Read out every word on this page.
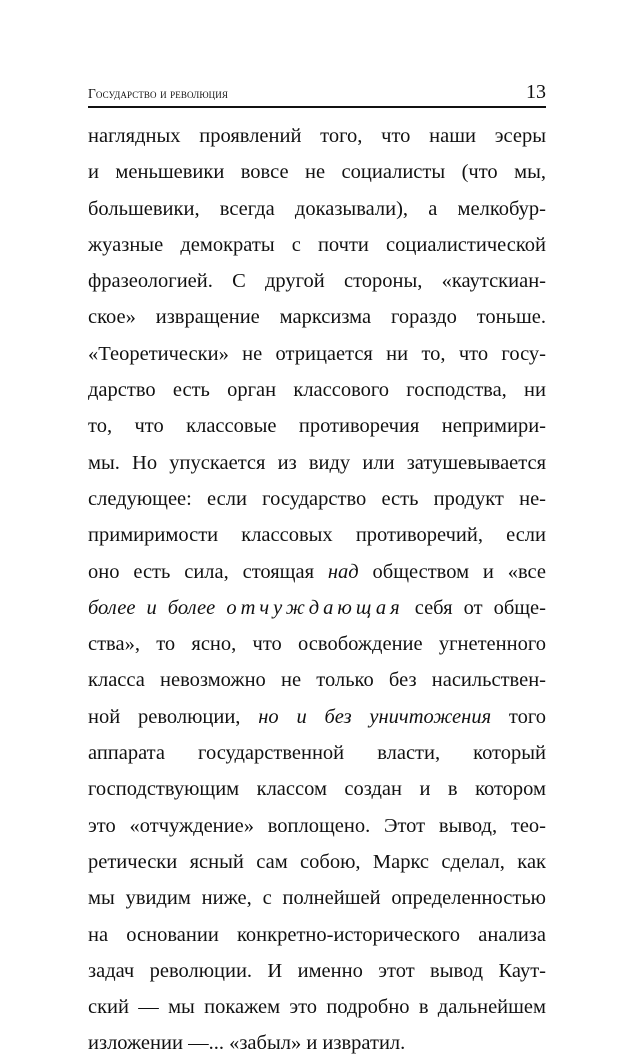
Государство и революция	13
наглядных проявлений того, что наши эсеры
и меньшевики вовсе не социалисты (что мы,
большевики, всегда доказывали), а мелкобур-
жуазные демократы с почти социалистической
фразеологией. С другой стороны, «каутскиан-
ское» извращение марксизма гораздо тоньше.
«Теоретически» не отрицается ни то, что госу-
дарство есть орган классового господства, ни
то, что классовые противоречия непримири-
мы. Но упускается из виду или затушевывается
следующее: если государство есть продукт не-
примиримости классовых противоречий, если
оно есть сила, стоящая над обществом и «все
более и более отчуждающая себя от обще-
ства», то ясно, что освобождение угнетенного
класса невозможно не только без насильствен-
ной революции, но и без уничтожения того
аппарата государственной власти, который
господствующим классом создан и в котором
это «отчуждение» воплощено. Этот вывод, тео-
ретически ясный сам собою, Маркс сделал, как
мы увидим ниже, с полнейшей определенностью
на основании конкретно-исторического анализа
задач революции. И именно этот вывод Каут-
ский — мы покажем это подробно в дальнейшем
изложении —... «забыл» и извратил.
